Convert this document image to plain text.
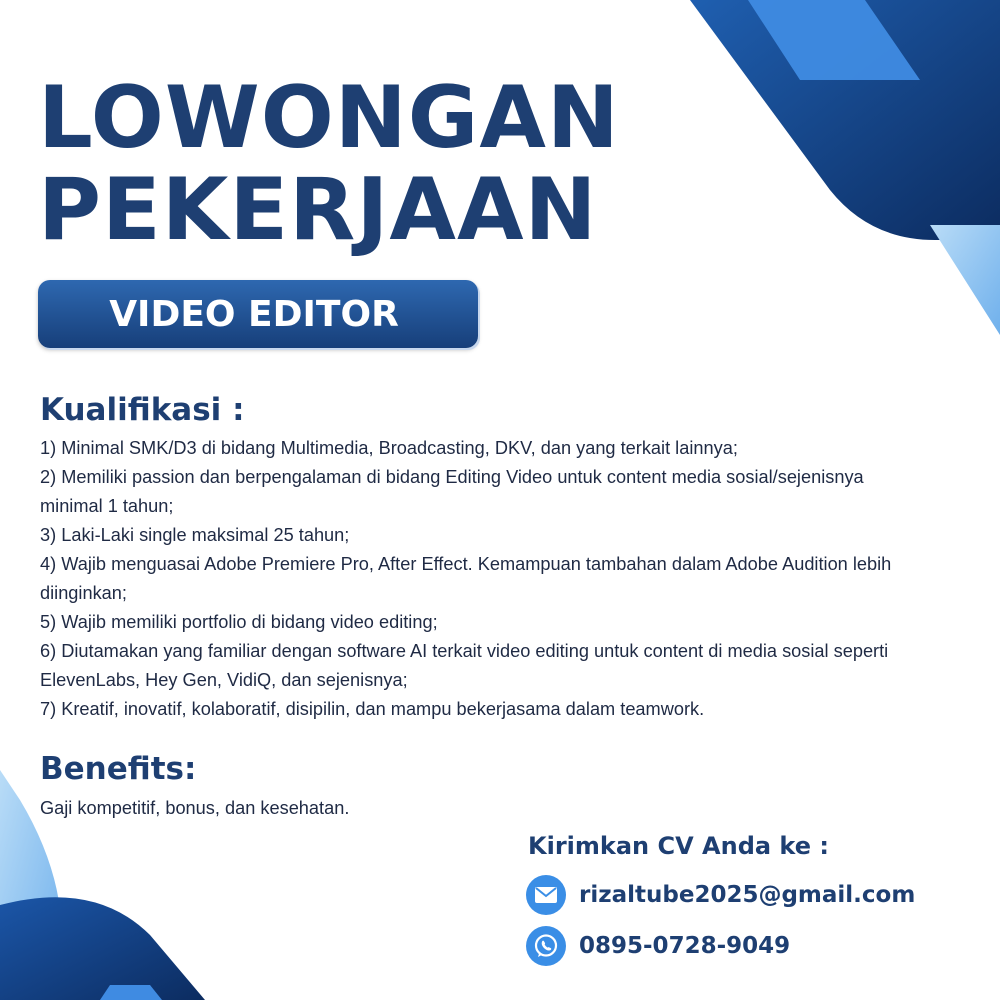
LOWONGAN
PEKERJAAN
VIDEO EDITOR
Kualifikasi :
1) Minimal SMK/D3 di bidang Multimedia, Broadcasting, DKV, dan yang terkait lainnya;
2) Memiliki passion dan berpengalaman di bidang Editing Video untuk content media sosial/sejenisnya minimal 1 tahun;
3) Laki-Laki single maksimal 25 tahun;
4) Wajib menguasai Adobe Premiere Pro, After Effect. Kemampuan tambahan dalam Adobe Audition lebih diinginkan;
5) Wajib memiliki portfolio di bidang video editing;
6) Diutamakan yang familiar dengan software AI terkait video editing untuk content di media sosial seperti ElevenLabs, Hey Gen, VidiQ, dan sejenisnya;
7) Kreatif, inovatif, kolaboratif, disipilin, dan mampu bekerjasama dalam teamwork.
Benefits:
Gaji kompetitif, bonus, dan kesehatan.
Kirimkan CV Anda ke :
rizaltube2025@gmail.com
0895-0728-9049
